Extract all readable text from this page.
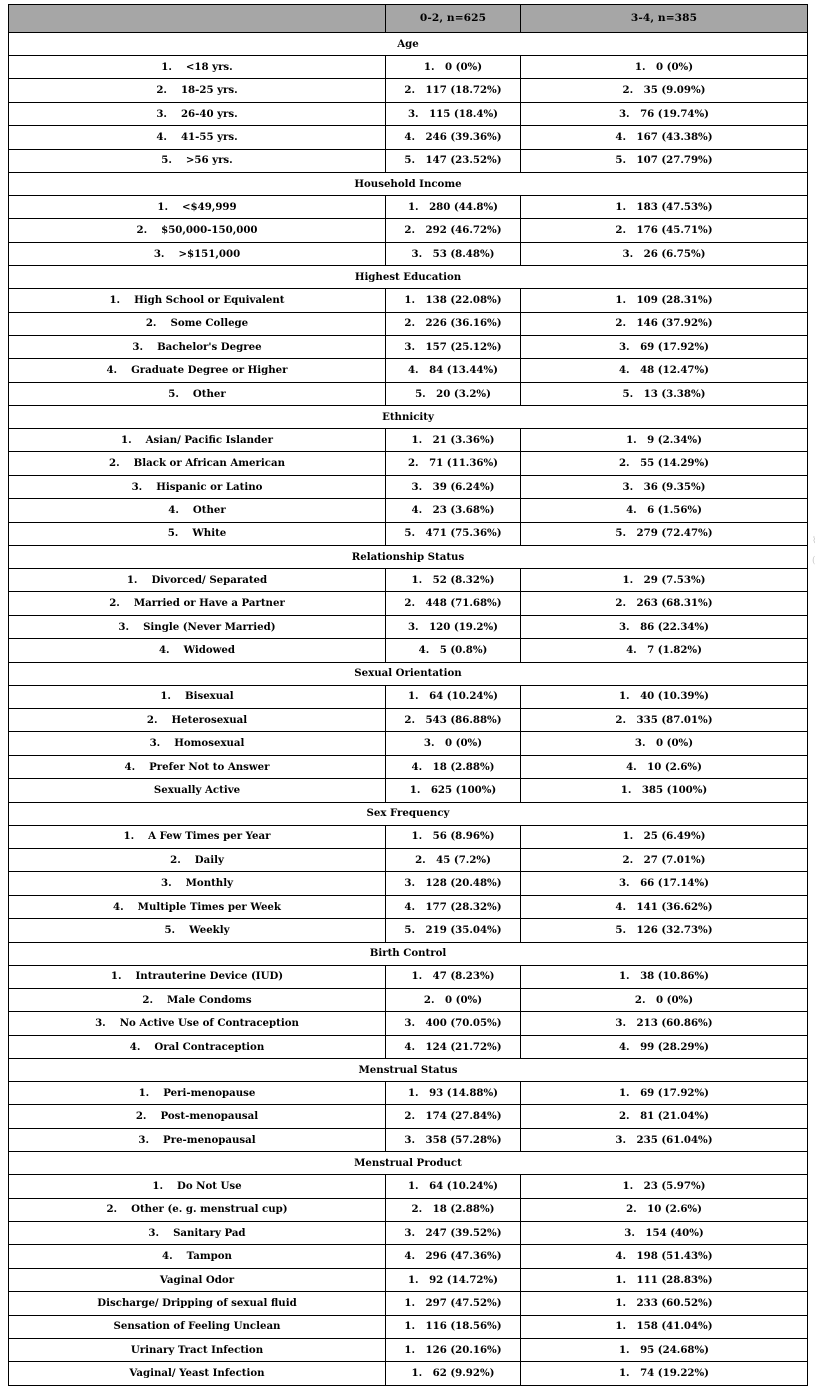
	0-2, n=625	3-4, n=385
Age		
1. <18 yrs.	1. 0 (0%)	1. 0 (0%)
2. 18-25 yrs.	2. 117 (18.72%)	2. 35 (9.09%)
3. 26-40 yrs.	3. 115 (18.4%)	3. 76 (19.74%)
4. 41-55 yrs.	4. 246 (39.36%)	4. 167 (43.38%)
5. >56 yrs.	5. 147 (23.52%)	5. 107 (27.79%)
Household Income		
1. <$49,999	1. 280 (44.8%)	1. 183 (47.53%)
2. $50,000-150,000	2. 292 (46.72%)	2. 176 (45.71%)
3. >$151,000	3. 53 (8.48%)	3. 26 (6.75%)
Highest Education		
1. High School or Equivalent	1. 138 (22.08%)	1. 109 (28.31%)
2. Some College	2. 226 (36.16%)	2. 146 (37.92%)
3. Bachelor's Degree	3. 157 (25.12%)	3. 69 (17.92%)
4. Graduate Degree or Higher	4. 84 (13.44%)	4. 48 (12.47%)
5. Other	5. 20 (3.2%)	5. 13 (3.38%)
Ethnicity		
1. Asian/ Pacific Islander	1. 21 (3.36%)	1. 9 (2.34%)
2. Black or African American	2. 71 (11.36%)	2. 55 (14.29%)
3. Hispanic or Latino	3. 39 (6.24%)	3. 36 (9.35%)
4. Other	4. 23 (3.68%)	4. 6 (1.56%)
5. White	5. 471 (75.36%)	5. 279 (72.47%)
Relationship Status		
1. Divorced/ Separated	1. 52 (8.32%)	1. 29 (7.53%)
2. Married or Have a Partner	2. 448 (71.68%)	2. 263 (68.31%)
3. Single (Never Married)	3. 120 (19.2%)	3. 86 (22.34%)
4. Widowed	4. 5 (0.8%)	4. 7 (1.82%)
Sexual Orientation		
1. Bisexual	1. 64 (10.24%)	1. 40 (10.39%)
2. Heterosexual	2. 543 (86.88%)	2. 335 (87.01%)
3. Homosexual	3. 0 (0%)	3. 0 (0%)
4. Prefer Not to Answer	4. 18 (2.88%)	4. 10 (2.6%)
Sexually Active	1. 625 (100%)	1. 385 (100%)
Sex Frequency		
1. A Few Times per Year	1. 56 (8.96%)	1. 25 (6.49%)
2. Daily	2. 45 (7.2%)	2. 27 (7.01%)
3. Monthly	3. 128 (20.48%)	3. 66 (17.14%)
4. Multiple Times per Week	4. 177 (28.32%)	4. 141 (36.62%)
5. Weekly	5. 219 (35.04%)	5. 126 (32.73%)
Birth Control		
1. Intrauterine Device (IUD)	1. 47 (8.23%)	1. 38 (10.86%)
2. Male Condoms	2. 0 (0%)	2. 0 (0%)
3. No Active Use of Contraception	3. 400 (70.05%)	3. 213 (60.86%)
4. Oral Contraception	4. 124 (21.72%)	4. 99 (28.29%)
Menstrual Status		
1. Peri-menopause	1. 93 (14.88%)	1. 69 (17.92%)
2. Post-menopausal	2. 174 (27.84%)	2. 81 (21.04%)
3. Pre-menopausal	3. 358 (57.28%)	3. 235 (61.04%)
Menstrual Product		
1. Do Not Use	1. 64 (10.24%)	1. 23 (5.97%)
2. Other (e. g. menstrual cup)	2. 18 (2.88%)	2. 10 (2.6%)
3. Sanitary Pad	3. 247 (39.52%)	3. 154 (40%)
4. Tampon	4. 296 (47.36%)	4. 198 (51.43%)
Vaginal Odor	1. 92 (14.72%)	1. 111 (28.83%)
Discharge/ Dripping of sexual fluid	1. 297 (47.52%)	1. 233 (60.52%)
Sensation of Feeling Unclean	1. 116 (18.56%)	1. 158 (41.04%)
Urinary Tract Infection	1. 126 (20.16%)	1. 95 (24.68%)
Vaginal/ Yeast Infection	1. 62 (9.92%)	1. 74 (19.22%)
⌇
(
